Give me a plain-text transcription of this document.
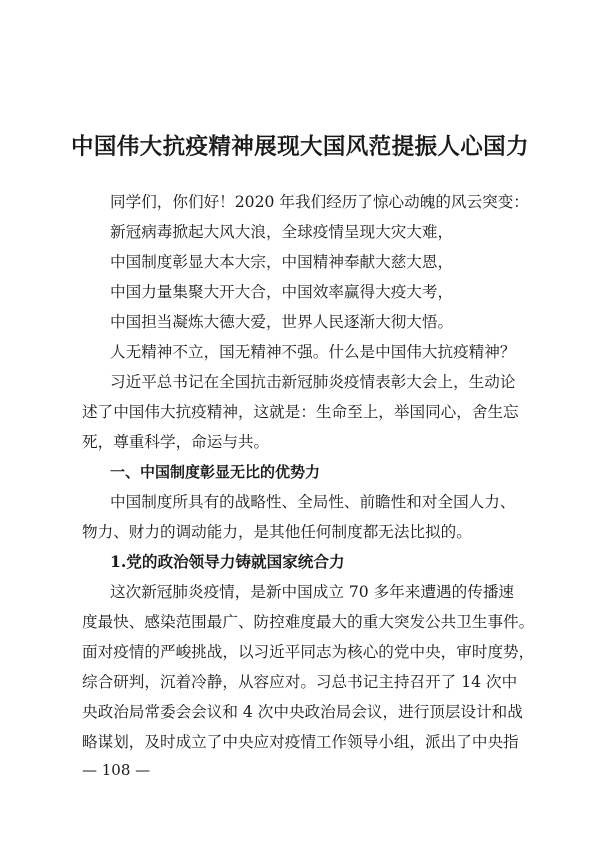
中国伟大抗疫精神展现大国风范提振人心国力
同学们，你们好！2020 年我们经历了惊心动魄的风云突变：
新冠病毒掀起大风大浪，全球疫情呈现大灾大难，
中国制度彰显大本大宗，中国精神奉献大慈大恩，
中国力量集聚大开大合，中国效率赢得大疫大考，
中国担当凝炼大德大爱，世界人民逐渐大彻大悟。
人无精神不立，国无精神不强。什么是中国伟大抗疫精神？
习近平总书记在全国抗击新冠肺炎疫情表彰大会上，生动论
述了中国伟大抗疫精神，这就是：生命至上，举国同心，舍生忘
死，尊重科学，命运与共。
一、中国制度彰显无比的优势力
中国制度所具有的战略性、全局性、前瞻性和对全国人力、
物力、财力的调动能力，是其他任何制度都无法比拟的。
1.党的政治领导力铸就国家统合力
这次新冠肺炎疫情，是新中国成立 70 多年来遭遇的传播速
度最快、感染范围最广、防控难度最大的重大突发公共卫生事件。
面对疫情的严峻挑战，以习近平同志为核心的党中央，审时度势，
综合研判，沉着冷静，从容应对。习总书记主持召开了 14 次中
央政治局常委会会议和 4 次中央政治局会议，进行顶层设计和战
略谋划，及时成立了中央应对疫情工作领导小组，派出了中央指
— 108 —
